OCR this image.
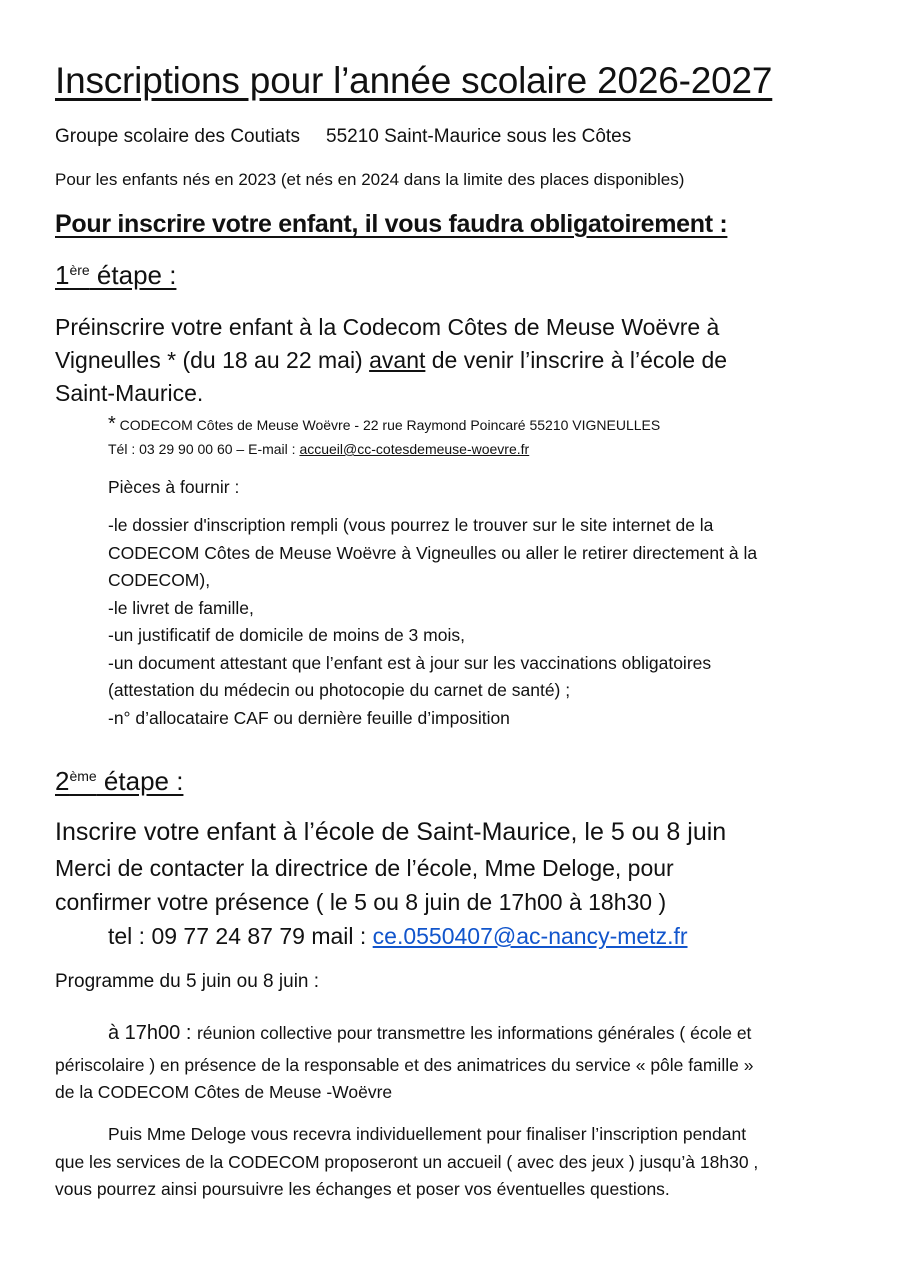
Inscriptions pour l’année scolaire 2026-2027
Groupe scolaire des Coutiats 55210 Saint-Maurice sous les Côtes
Pour les enfants nés en 2023 (et nés en 2024 dans la limite des places disponibles)
Pour inscrire votre enfant, il vous faudra obligatoirement :
1ère étape :
Préinscrire votre enfant à la Codecom Côtes de Meuse Woëvre à
Vigneulles * (du 18 au 22 mai) avant de venir l’inscrire à l’école de
Saint-Maurice.
* CODECOM Côtes de Meuse Woëvre - 22 rue Raymond Poincaré 55210 VIGNEULLES
Tél : 03 29 90 00 60 – E-mail : accueil@cc-cotesdemeuse-woevre.fr
Pièces à fournir :
-le dossier d'inscription rempli (vous pourrez le trouver sur le site internet de la
CODECOM Côtes de Meuse Woëvre à Vigneulles ou aller le retirer directement à la
CODECOM),
-le livret de famille,
-un justificatif de domicile de moins de 3 mois,
-un document attestant que l’enfant est à jour sur les vaccinations obligatoires
(attestation du médecin ou photocopie du carnet de santé) ;
-n° d’allocataire CAF ou dernière feuille d’imposition
2ème étape :
Inscrire votre enfant à l’école de Saint-Maurice, le 5 ou 8 juin
Merci de contacter la directrice de l’école, Mme Deloge, pour
confirmer votre présence ( le 5 ou 8 juin de 17h00 à 18h30 )
tel : 09 77 24 87 79 mail : ce.0550407@ac-nancy-metz.fr
Programme du 5 juin ou 8 juin :
à 17h00 : réunion collective pour transmettre les informations générales ( école et
périscolaire ) en présence de la responsable et des animatrices du service « pôle famille »
de la CODECOM Côtes de Meuse -Woëvre
Puis Mme Deloge vous recevra individuellement pour finaliser l’inscription pendant
que les services de la CODECOM proposeront un accueil ( avec des jeux ) jusqu’à 18h30 ,
vous pourrez ainsi poursuivre les échanges et poser vos éventuelles questions.
